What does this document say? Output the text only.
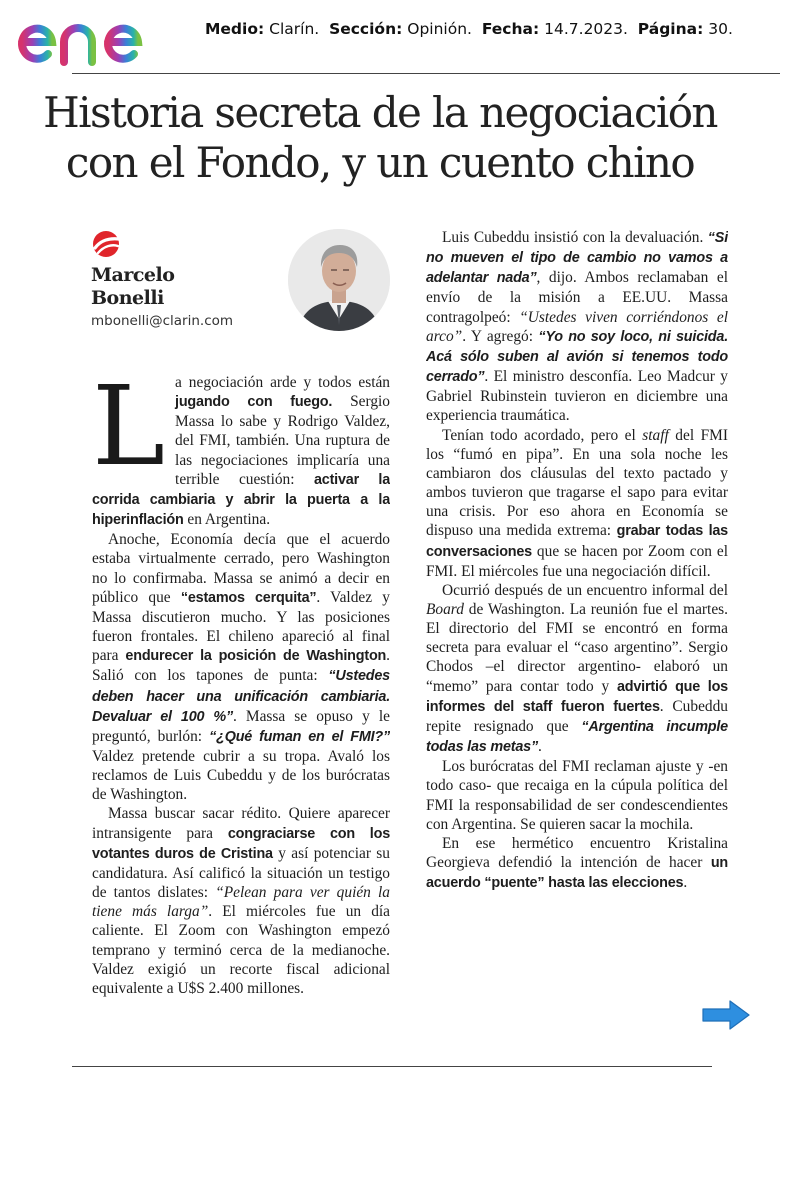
Medio: Clarín. Sección: Opinión. Fecha: 14.7.2023. Página: 30.
Historia secreta de la negociación
con el Fondo, y un cuento chino
Marcelo
Bonelli
mbonelli@clarin.com

La negociación arde y todos están jugando con fuego. Sergio Massa lo sabe y Rodrigo Valdez, del FMI, también. Una ruptura de las negociaciones implicaría una terrible cuestión: activar la corrida cambiaria y abrir la puerta a la hiperinflación en Argentina.

Anoche, Economía decía que el acuerdo estaba virtualmente cerrado, pero Washington no lo confirmaba. Massa se animó a decir en público que “estamos cerquita”. Valdez y Massa discutieron mucho. Y las posiciones fueron frontales. El chileno apareció al final para endurecer la posición de Washington. Salió con los tapones de punta: “Ustedes deben hacer una unificación cambiaria. Devaluar el 100 %”. Massa se opuso y le preguntó, burlón: “¿Qué fuman en el FMI?” Valdez pretende cubrir a su tropa. Avaló los reclamos de Luis Cubeddu y de los burócratas de Washington.

Massa buscar sacar rédito. Quiere aparecer intransigente para congraciarse con los votantes duros de Cristina y así potenciar su candidatura. Así calificó la situación un testigo de tantos dislates: “Pelean para ver quién la tiene más larga”. El miércoles fue un día caliente. El Zoom con Washington empezó temprano y terminó cerca de la medianoche. Valdez exigió un recorte fiscal adicional equivalente a U$S 2.400 millones.

Luis Cubeddu insistió con la devaluación. “Si no mueven el tipo de cambio no vamos a adelantar nada”, dijo. Ambos reclamaban el envío de la misión a EE.UU. Massa contragolpeó: “Ustedes viven corriéndonos el arco”. Y agregó: “Yo no soy loco, ni suicida. Acá sólo suben al avión si tenemos todo cerrado”. El ministro desconfía. Leo Madcur y Gabriel Rubinstein tuvieron en diciembre una experiencia traumática.

Tenían todo acordado, pero el staff del FMI los “fumó en pipa”. En una sola noche les cambiaron dos cláusulas del texto pactado y ambos tuvieron que tragarse el sapo para evitar una crisis. Por eso ahora en Economía se dispuso una medida extrema: grabar todas las conversaciones que se hacen por Zoom con el FMI. El miércoles fue una negociación difícil.

Ocurrió después de un encuentro informal del Board de Washington. La reunión fue el martes. El directorio del FMI se encontró en forma secreta para evaluar el “caso argentino”. Sergio Chodos –el director argentino- elaboró un “memo” para contar todo y advirtió que los informes del staff fueron fuertes. Cubeddu repite resignado que “Argentina incumple todas las metas”.

Los burócratas del FMI reclaman ajuste y -en todo caso- que recaiga en la cúpula política del FMI la responsabilidad de ser condescendientes con Argentina. Se quieren sacar la mochila.

En ese hermético encuentro Kristalina Georgieva defendió la intención de hacer un acuerdo “puente” hasta las elecciones.
